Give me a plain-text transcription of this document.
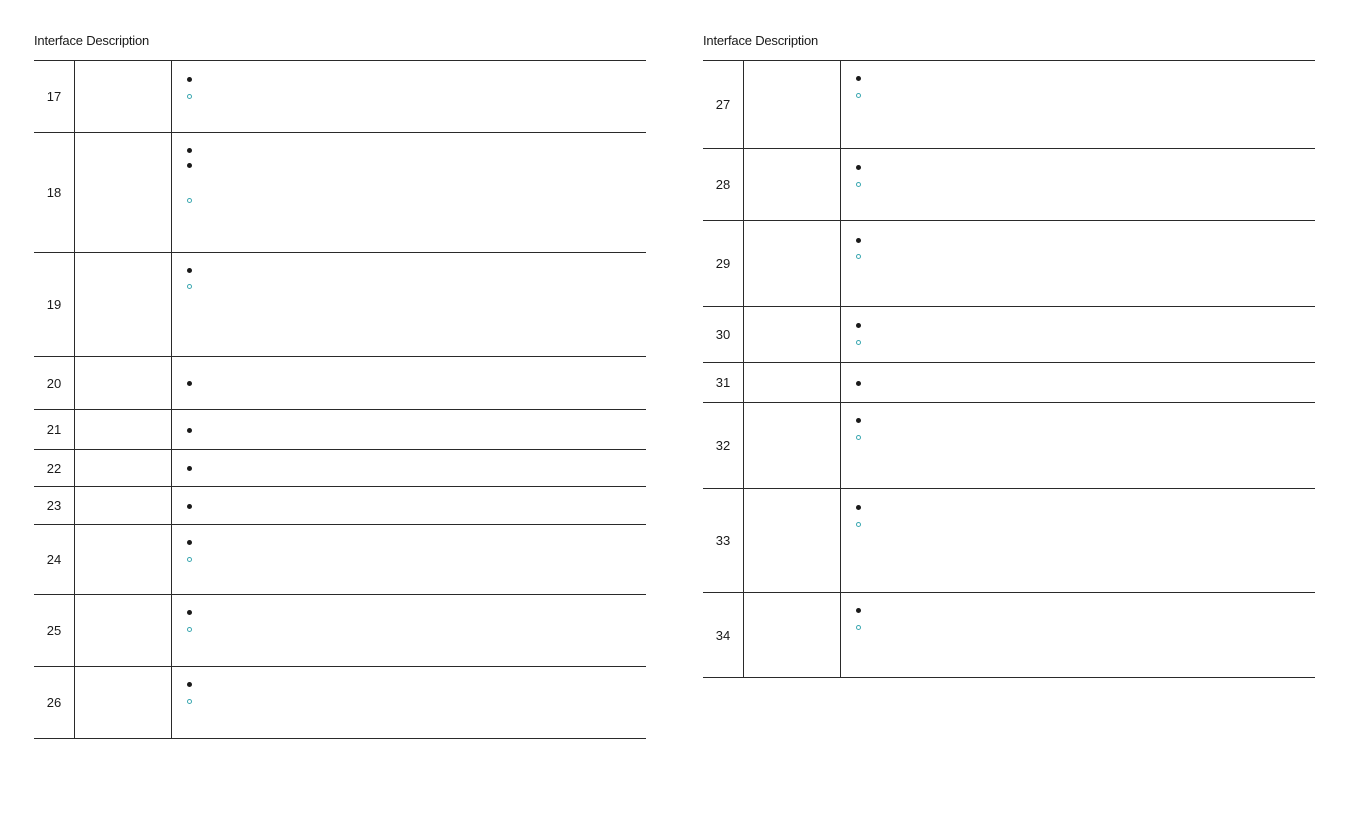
Interface Description
17
18
19
20
21
22
23
24
25
26
Interface Description
27
28
29
30
31
32
33
34
